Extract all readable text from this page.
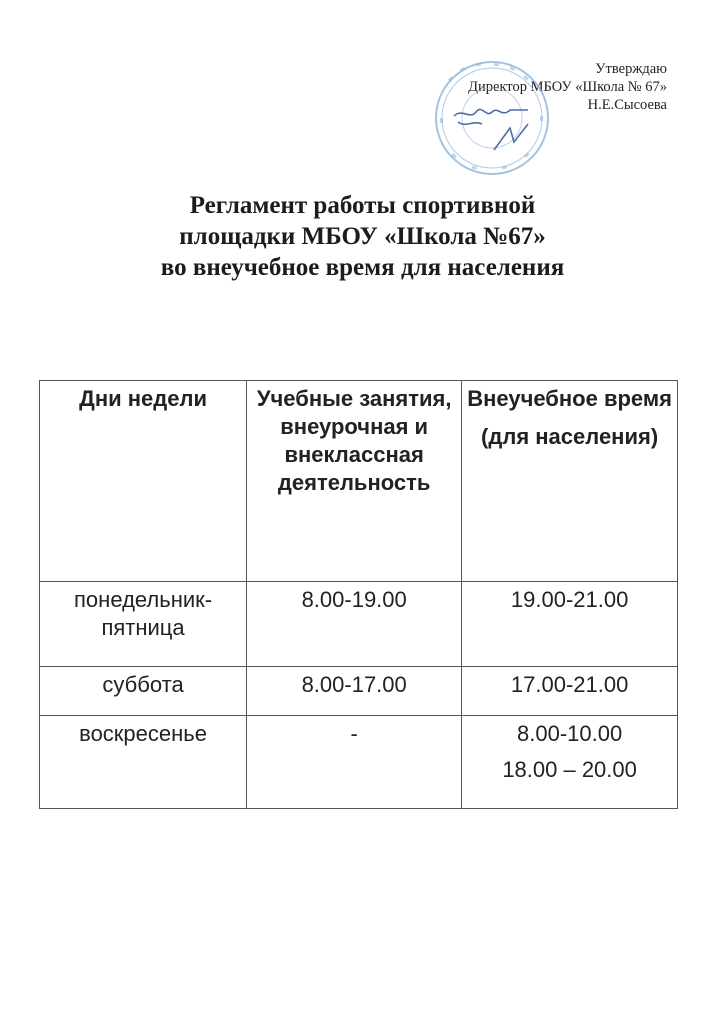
Утверждаю
Директор МБОУ «Школа № 67»
Н.Е.Сысоева
Регламент работы спортивной
площадки МБОУ «Школа №67»
во внеучебное время для населения
Дни недели	Учебные занятия, внеурочная и внеклассная деятельность	Внеучебное время
(для населения)

понедельник-пятница	8.00-19.00	19.00-21.00

суббота	8.00-17.00	17.00-21.00

воскресенье	-	8.00-10.00
18.00 – 20.00
